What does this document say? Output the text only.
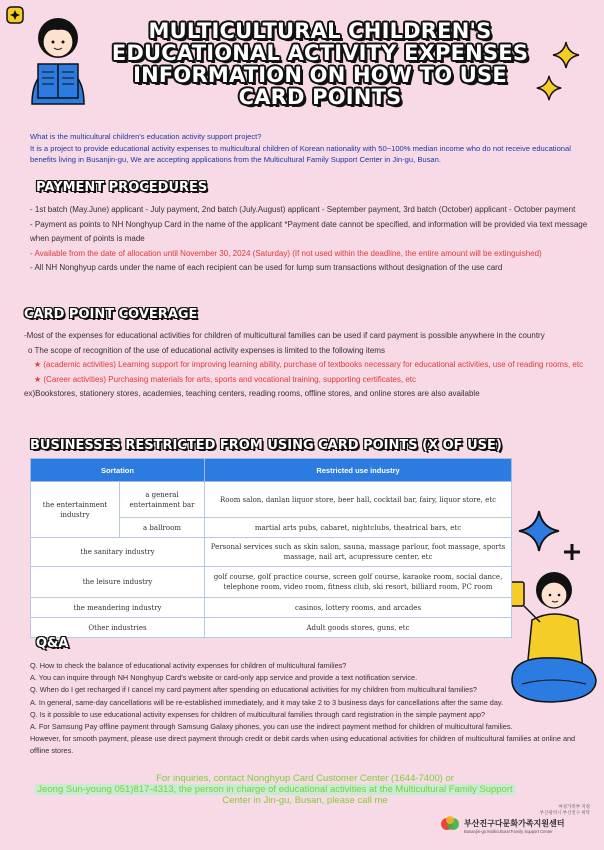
MULTICULTURAL CHILDREN'S
EDUCATIONAL ACTIVITY EXPENSES
INFORMATION ON HOW TO USE
CARD POINTS
What is the multicultural children's education activity support project?
It is a project to provide educational activity expenses to multicultural children of Korean nationality with 50~100% median income who do not receive educational benefits living in Busanjin-gu, We are accepting applications from the Multicultural Family Support Center in Jin-gu, Busan.
PAYMENT PROCEDURES
- 1st batch (May.June) applicant - July payment, 2nd batch (July.August) applicant - September payment, 3rd batch (October) applicant - October payment
- Payment as points to NH Nonghyup Card in the name of the applicant *Payment date cannot be specified, and information will be provided via text message when payment of points is made
- Available from the date of allocation until November 30, 2024 (Saturday) (If not used within the deadline, the entire amount will be extinguished)
- All NH Nonghyup cards under the name of each recipient can be used for lump sum transactions without designation of the use card
CARD POINT COVERAGE
-Most of the expenses for educational activities for children of multicultural families can be used if card payment is possible anywhere in the country
o The scope of recognition of the use of educational activity expenses is limited to the following items
★ (academic activities) Learning support for improving learning ability, purchase of textbooks necessary for educational activities, use of reading rooms, etc
★ (Career activities) Purchasing materials for arts, sports and vocational training, supporting certificates, etc
ex)Bookstores, stationery stores, academies, teaching centers, reading rooms, offline stores, and online stores are also available
BUSINESSES RESTRICTED FROM USING CARD POINTS (X OF USE)
Sortation		Restricted use industry
the entertainment industry	a general entertainment bar	Room salon, danlan liquor store, beer hall, cocktail bar, fairy, liquor store, etc
	a ballroom	martial arts pubs, cabaret, nightclubs, theatrical bars, etc
the sanitary industry		Personal services such as skin salon, sauna, massage parlour, foot massage, sports massage, nail art, acupressure center, etc
the leisure industry		golf course, golf practice course, screen golf course, karaoke room, social dance, telephone room, video room, fitness club, ski resort, billiard room, PC room
the meandering industry		casinos, lottery rooms, and arcades
Other industries		Adult goods stores, guns, etc
Q&A
Q. How to check the balance of educational activity expenses for children of multicultural families?
A. You can inquire through NH Nonghyup Card's website or card-only app service and provide a text notification service.
Q. When do I get recharged if I cancel my card payment after spending on educational activities for my children from multicultural families?
A. In general, same-day cancellations will be re-established immediately, and it may take 2 to 3 business days for cancellations after the same day.
Q. Is it possible to use educational activity expenses for children of multicultural families through card registration in the simple payment app?
A. For Samsung Pay offline payment through Samsung Galaxy phones, you can use the indirect payment method for children of multicultural families.
However, for smooth payment, please use direct payment through credit or debit cards when using educational activities for children of multicultural families at online and offline stores.
For inquiries, contact Nonghyup Card Customer Center (1644-7400) or
Jeong Sun-young 051)817-4313, the person in charge of educational activities at the Multicultural Family Support
Center in Jin-gu, Busan, please call me
여성가족부 지정
부산광역시 부산진구 위탁
부산진구다문화가족지원센터
Busanjin-gu Multicultural Family Support Center
